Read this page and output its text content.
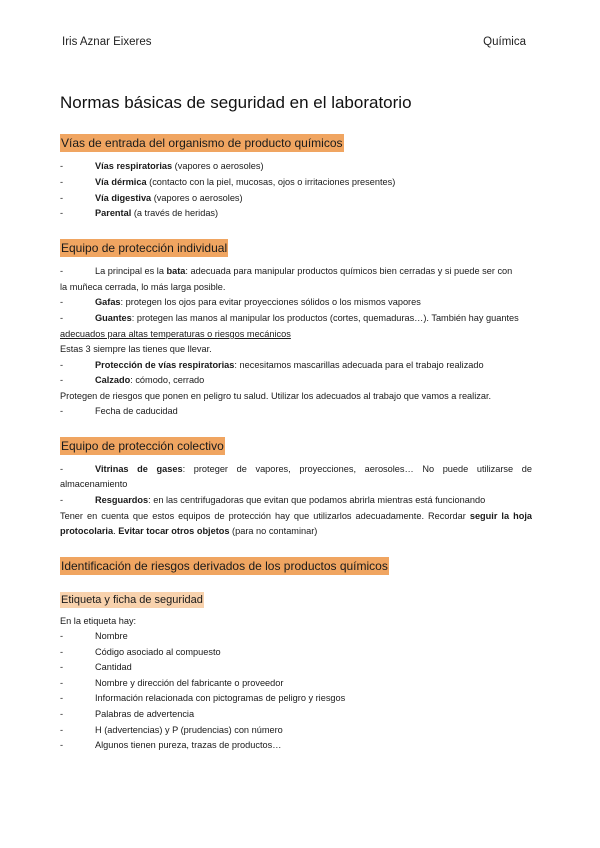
Iris Aznar Eixeres	Química
Normas básicas de seguridad en el laboratorio
Vías de entrada del organismo de producto químicos
-	Vías respiratorias (vapores o aerosoles)
-	Vía dérmica (contacto con la piel, mucosas, ojos o irritaciones presentes)
-	Vía digestiva (vapores o aerosoles)
-	Parental (a través de heridas)
Equipo de protección individual
-	La principal es la bata: adecuada para manipular productos químicos bien cerradas y si puede ser con
la muñeca cerrada, lo más larga posible.
-	Gafas: protegen los ojos para evitar proyecciones sólidos o los mismos vapores
-	Guantes: protegen las manos al manipular los productos (cortes, quemaduras…). También hay guantes
adecuados para altas temperaturas o riesgos mecánicos
Estas 3 siempre las tienes que llevar.
-	Protección de vías respiratorias: necesitamos mascarillas adecuada para el trabajo realizado
-	Calzado: cómodo, cerrado
Protegen de riesgos que ponen en peligro tu salud. Utilizar los adecuados al trabajo que vamos a realizar.
-	Fecha de caducidad
Equipo de protección colectivo
-	Vitrinas de gases: proteger de vapores, proyecciones, aerosoles… No puede utilizarse de
almacenamiento
-	Resguardos: en las centrifugadoras que evitan que podamos abrirla mientras está funcionando
Tener en cuenta que estos equipos de protección hay que utilizarlos adecuadamente. Recordar seguir la hoja
protocolaria. Evitar tocar otros objetos (para no contaminar)
Identificación de riesgos derivados de los productos químicos
Etiqueta y ficha de seguridad
En la etiqueta hay:
-	Nombre
-	Código asociado al compuesto
-	Cantidad
-	Nombre y dirección del fabricante o proveedor
-	Información relacionada con pictogramas de peligro y riesgos
-	Palabras de advertencia
-	H (advertencias) y P (prudencias) con número
-	Algunos tienen pureza, trazas de productos…
